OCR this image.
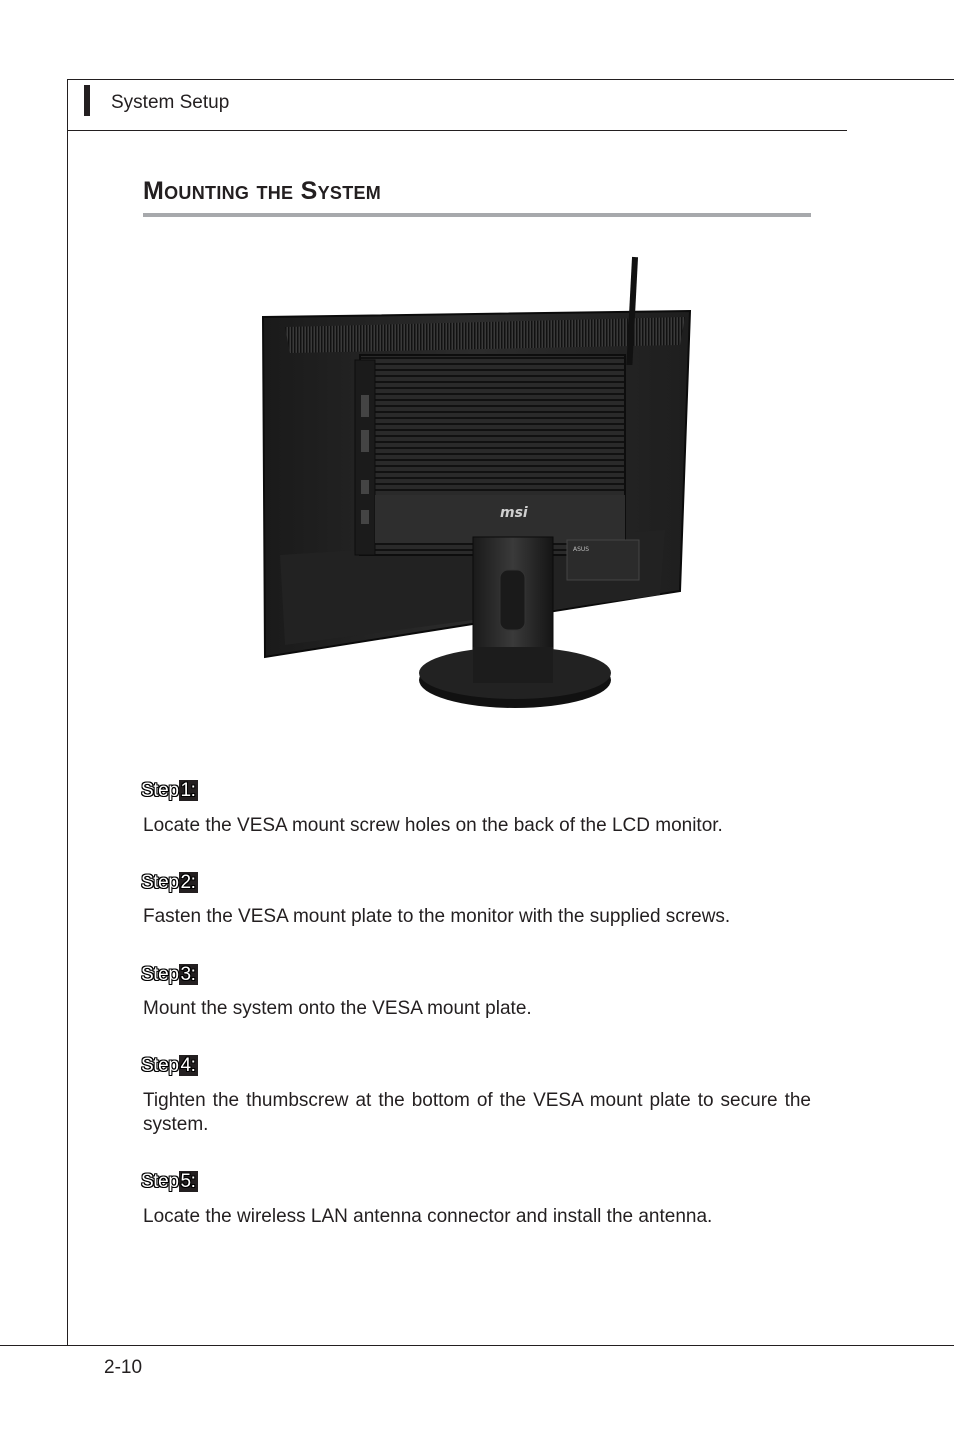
System Setup
Mounting the System
msi
ASUS
Step 1:
Locate the VESA mount screw holes on the back of the LCD monitor.
Step 2:
Fasten the VESA mount plate to the monitor with the supplied screws.
Step 3:
Mount the system onto the VESA mount plate.
Step 4:
Tighten the thumbscrew at the bottom of the VESA mount plate to secure the system.
Step 5:
Locate the wireless LAN antenna connector and install the antenna.
2-10
